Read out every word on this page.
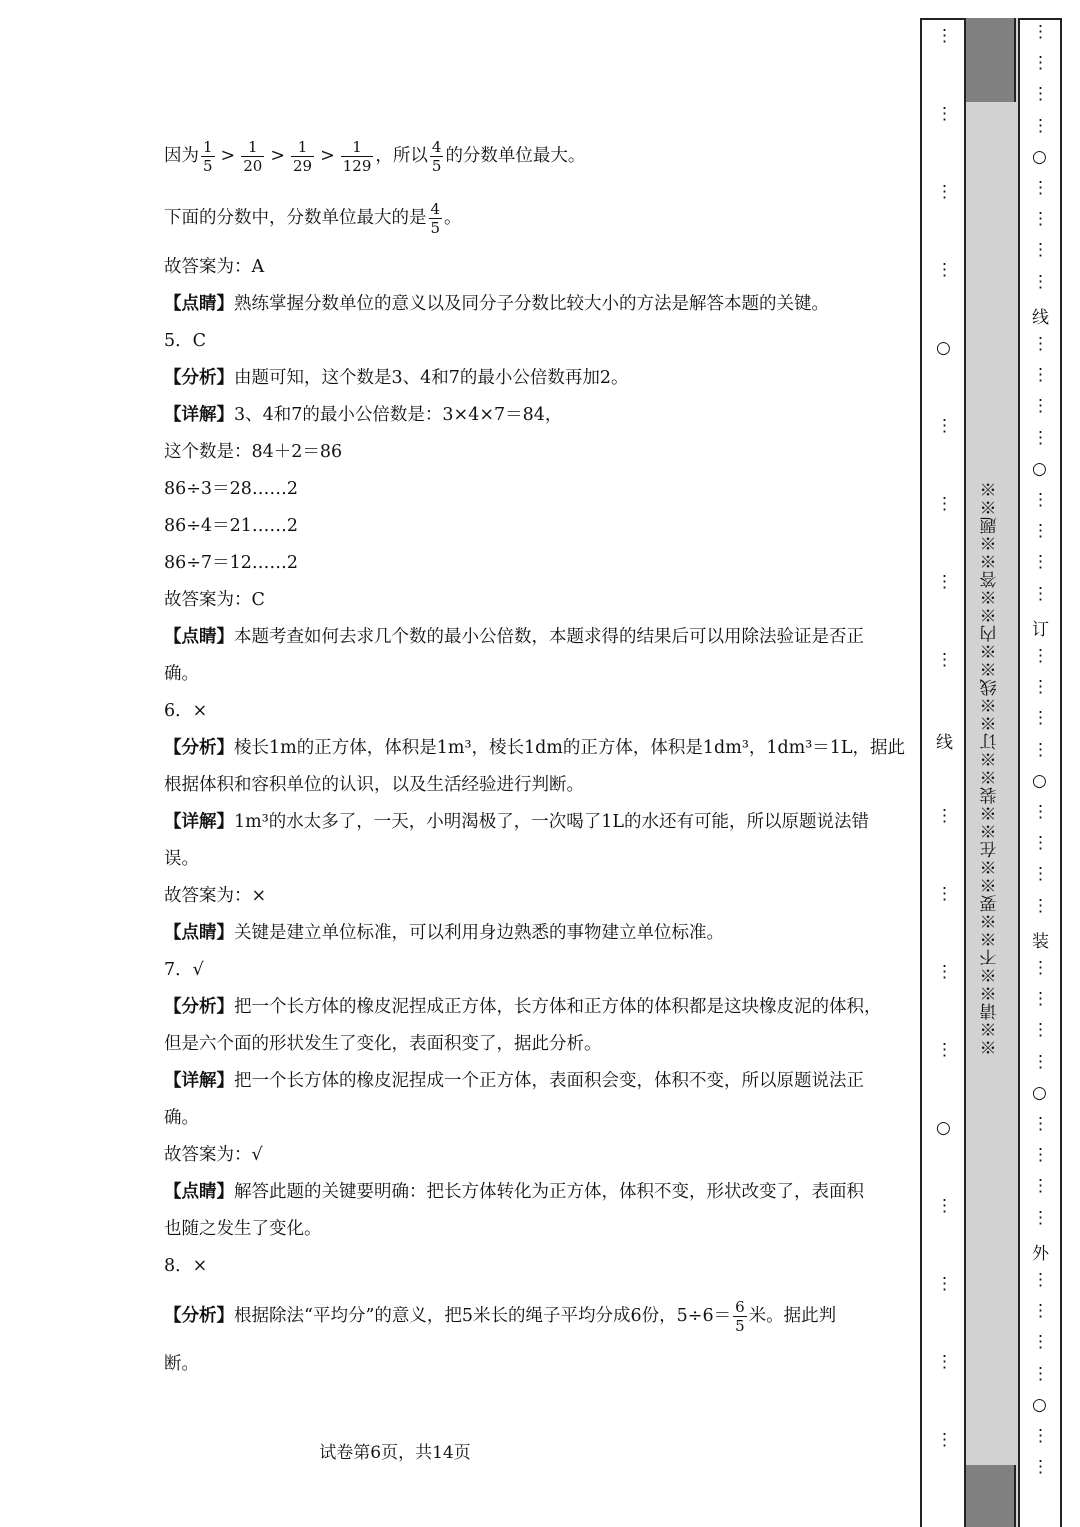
因为 $\frac{1}{5} > \frac{1}{20} > \frac{1}{29} > \frac{1}{129}$ ，所以 $\frac{4}{5}$ 的分数单位最大。
下面的分数中，分数单位最大的是 $\frac{4}{5}$ 。
故答案为：A
【点睛】熟练掌握分数单位的意义以及同分子分数比较大小的方法是解答本题的关键。
5．C
【分析】由题可知，这个数是3、4和7的最小公倍数再加2。
【详解】3、4和7的最小公倍数是：3×4×7＝84，
这个数是：84＋2＝86
86÷3＝28……2
86÷4＝21……2
86÷7＝12……2
故答案为：C
【点睛】本题考查如何去求几个数的最小公倍数，本题求得的结果后可以用除法验证是否正
确。
6．×
【分析】棱长1m的正方体，体积是1m³，棱长1dm的正方体，体积是1dm³，1dm³＝1L，据此
根据体积和容积单位的认识，以及生活经验进行判断。
【详解】1m³的水太多了，一天，小明渴极了，一次喝了1L的水还有可能，所以原题说法错
误。
故答案为：×
【点睛】关键是建立单位标准，可以利用身边熟悉的事物建立单位标准。
7．√
【分析】把一个长方体的橡皮泥捏成正方体，长方体和正方体的体积都是这块橡皮泥的体积，
但是六个面的形状发生了变化，表面积变了，据此分析。
【详解】把一个长方体的橡皮泥捏成一个正方体，表面积会变，体积不变，所以原题说法正
确。
故答案为：√
【点睛】解答此题的关键要明确：把长方体转化为正方体，体积不变，形状改变了，表面积
也随之发生了变化。
8．×
【分析】根据除法“平均分”的意义，把5米长的绳子平均分成6份，$5\div 6= \frac{6}{5}$ 米。据此判
断。
试卷第6页，共14页
※※请※※不※※要※※在※※装※※订※※线※※内※※答※※题※※
⋮
⋮
⋮
⋮
○
⋮
⋮
⋮
⋮
线
⋮
⋮
⋮
⋮
○
⋮
⋮
⋮
⋮
⋮
⋮
⋮
⋮
○
⋮
⋮
⋮
⋮
线
⋮
⋮
⋮
⋮
○
⋮
⋮
⋮
⋮
订
⋮
⋮
⋮
⋮
○
⋮
⋮
⋮
⋮
装
⋮
⋮
⋮
⋮
○
⋮
⋮
⋮
⋮
外
⋮
⋮
⋮
⋮
○
⋮
⋮
